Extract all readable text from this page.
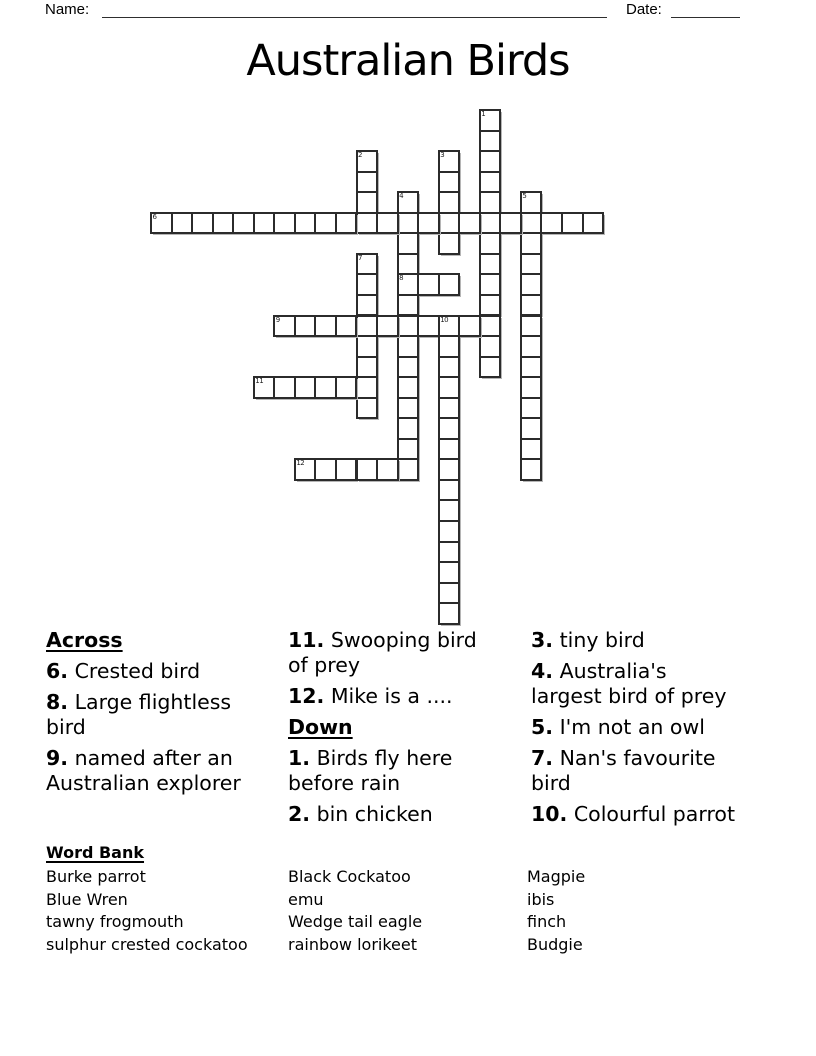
Name:	Date:
Australian Birds
1
2	3
4
8
5
6
7
9	10
11
12
Across
6. Crested bird
8. Large flightless
bird
9. named after an
Australian explorer
11. Swooping bird
of prey
12. Mike is a ....
Down
1. Birds fly here
before rain
2. bin chicken
3. tiny bird
4. Australia's
largest bird of prey
5. I'm not an owl
7. Nan's favourite
bird
10. Colourful parrot
Word Bank
Burke parrot
Blue Wren
tawny frogmouth
sulphur crested cockatoo
Black Cockatoo
emu
Wedge tail eagle
rainbow lorikeet
Magpie
ibis
finch
Budgie
